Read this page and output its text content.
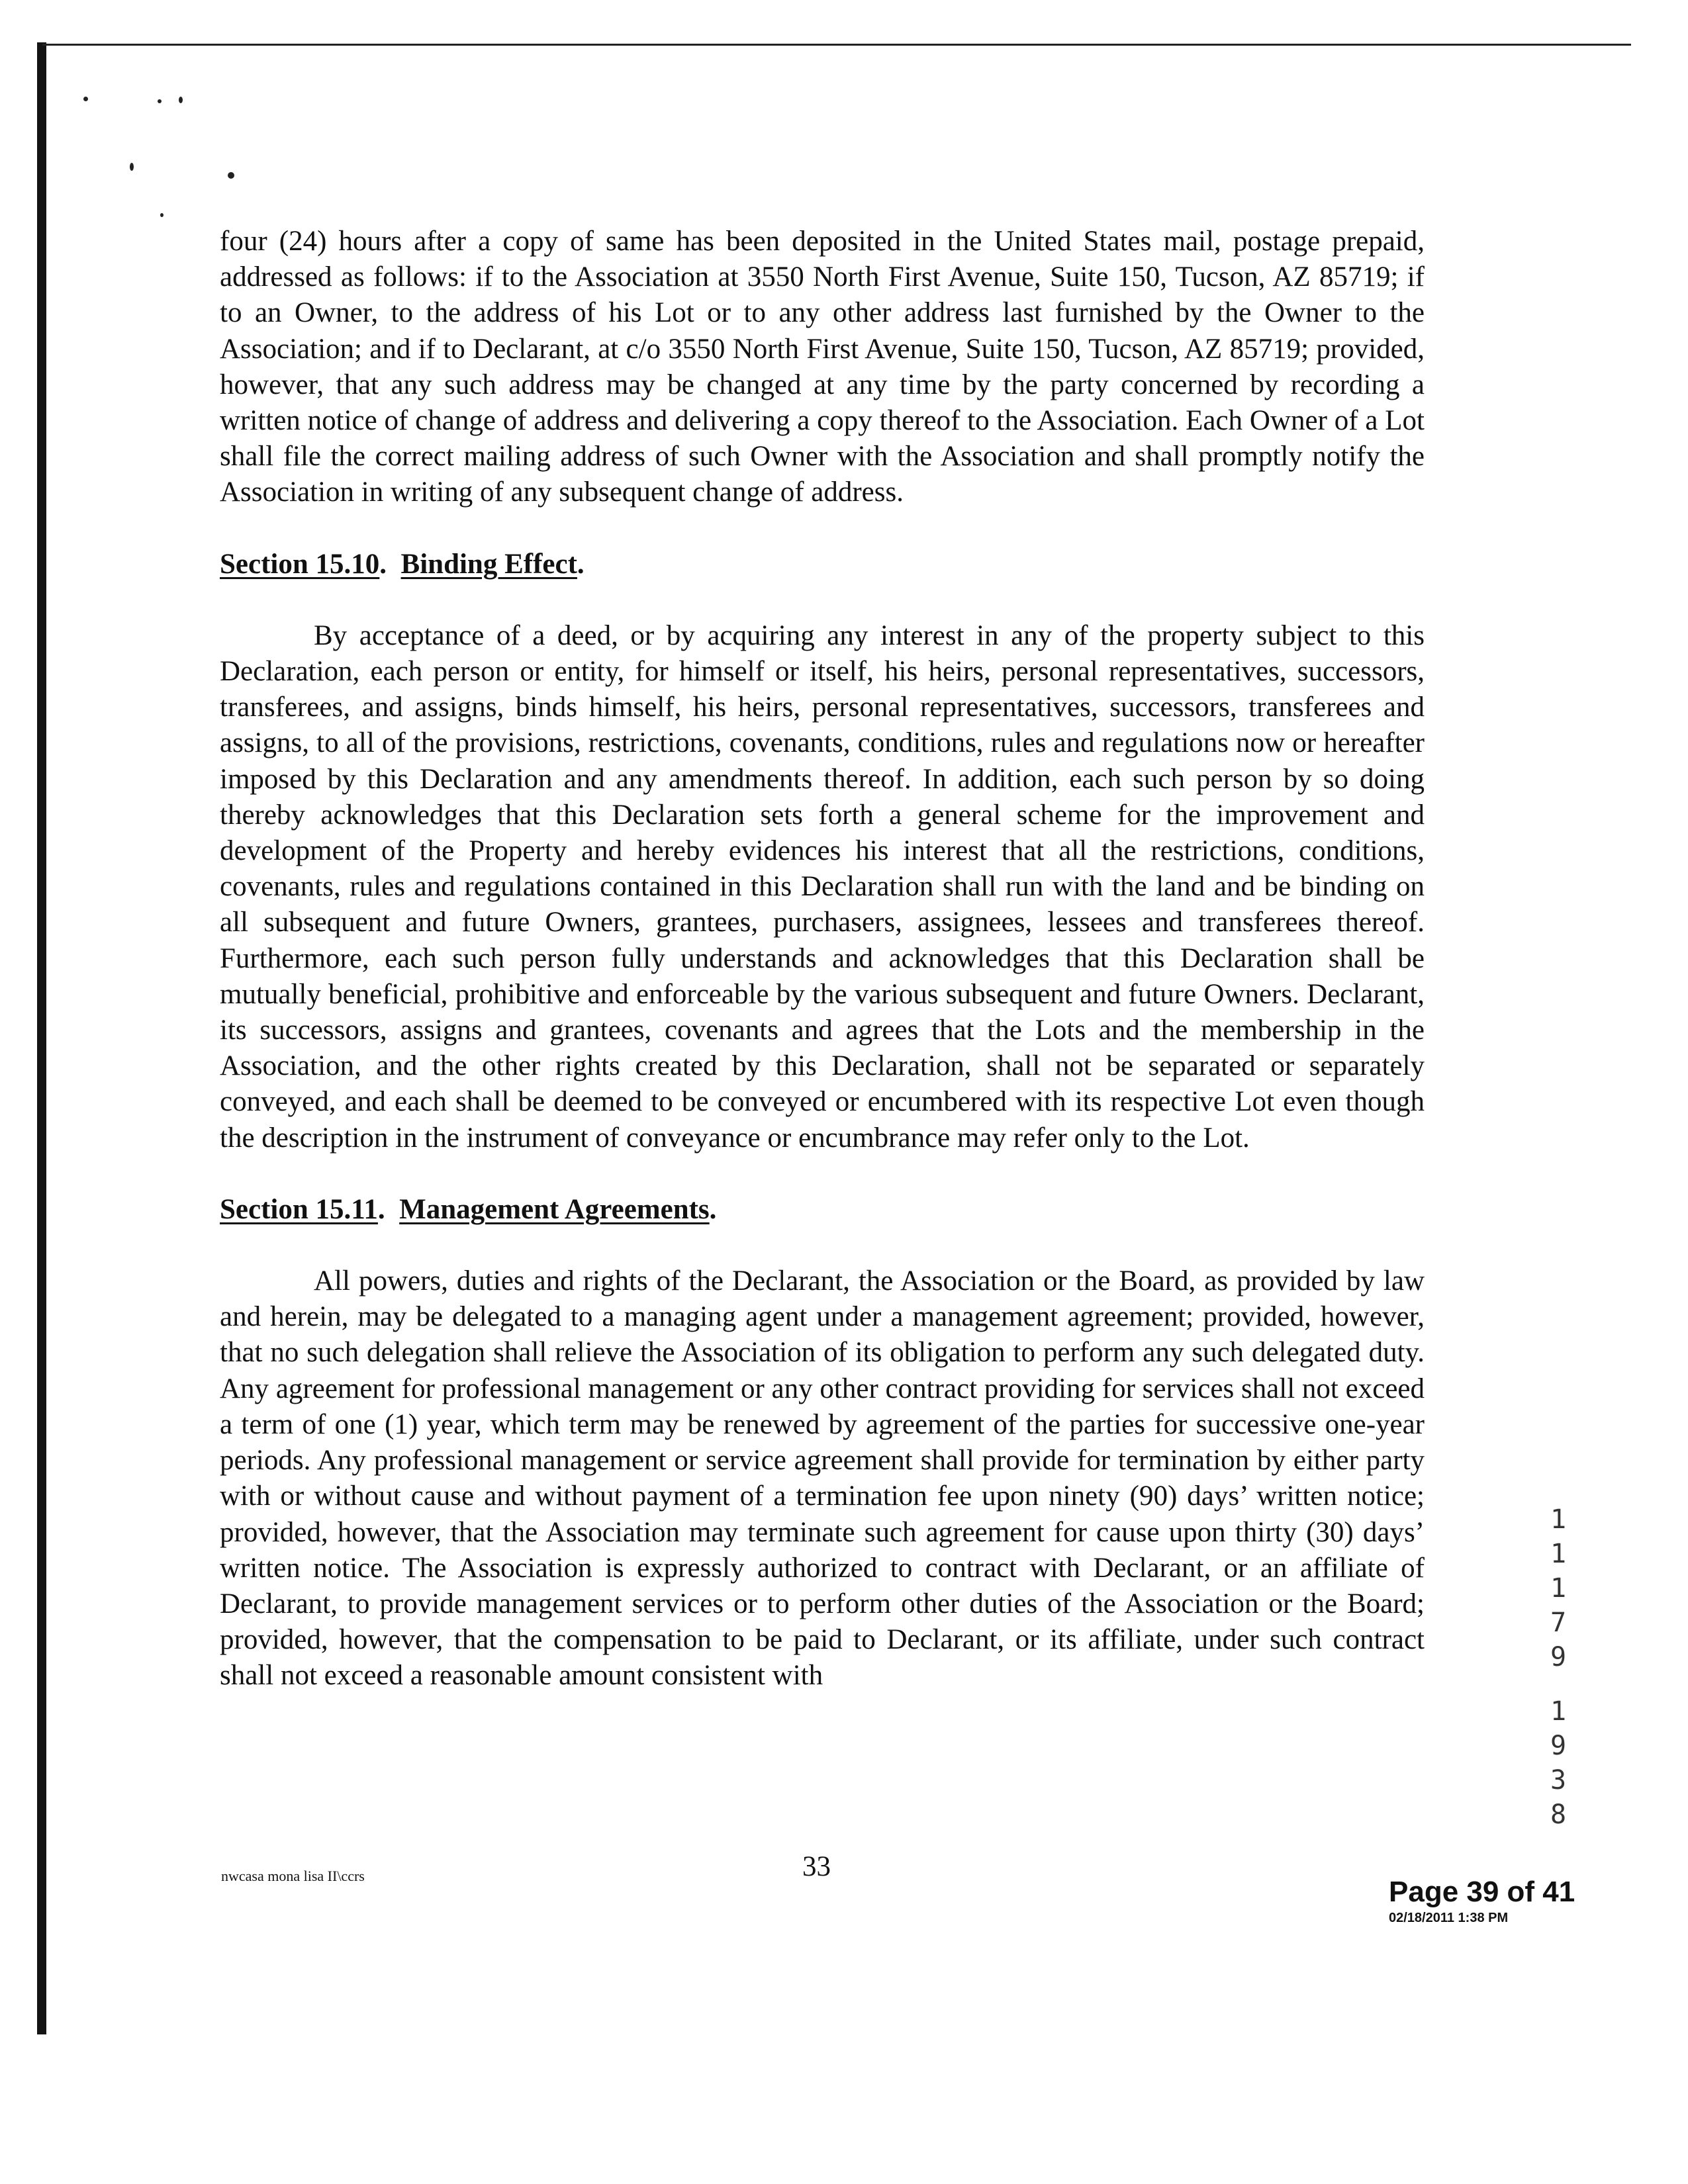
four (24) hours after a copy of same has been deposited in the United States mail, postage prepaid, addressed as follows: if to the Association at 3550 North First Avenue, Suite 150, Tucson, AZ 85719; if to an Owner, to the address of his Lot or to any other address last furnished by the Owner to the Association; and if to Declarant, at c/o 3550 North First Avenue, Suite 150, Tucson, AZ 85719; provided, however, that any such address may be changed at any time by the party concerned by recording a written notice of change of address and delivering a copy thereof to the Association. Each Owner of a Lot shall file the correct mailing address of such Owner with the Association and shall promptly notify the Association in writing of any subsequent change of address.

Section 15.10.  Binding Effect.

By acceptance of a deed, or by acquiring any interest in any of the property subject to this Declaration, each person or entity, for himself or itself, his heirs, personal representatives, successors, transferees, and assigns, binds himself, his heirs, personal representatives, successors, transferees and assigns, to all of the provisions, restrictions, covenants, conditions, rules and regulations now or hereafter imposed by this Declaration and any amendments thereof. In addition, each such person by so doing thereby acknowledges that this Declaration sets forth a general scheme for the improvement and development of the Property and hereby evidences his interest that all the restrictions, conditions, covenants, rules and regulations contained in this Declaration shall run with the land and be binding on all subsequent and future Owners, grantees, purchasers, assignees, lessees and transferees thereof. Furthermore, each such person fully understands and acknowledges that this Declaration shall be mutually beneficial, prohibitive and enforceable by the various subsequent and future Owners. Declarant, its successors, assigns and grantees, covenants and agrees that the Lots and the membership in the Association, and the other rights created by this Declaration, shall not be separated or separately conveyed, and each shall be deemed to be conveyed or encumbered with its respective Lot even though the description in the instrument of conveyance or encumbrance may refer only to the Lot.

Section 15.11.  Management Agreements.

All powers, duties and rights of the Declarant, the Association or the Board, as provided by law and herein, may be delegated to a managing agent under a management agreement; provided, however, that no such delegation shall relieve the Association of its obligation to perform any such delegated duty. Any agreement for professional management or any other contract providing for services shall not exceed a term of one (1) year, which term may be renewed by agreement of the parties for successive one-year periods. Any professional management or service agreement shall provide for termination by either party with or without cause and without payment of a termination fee upon ninety (90) days’ written notice; provided, however, that the Association may terminate such agreement for cause upon thirty (30) days’ written notice. The Association is expressly authorized to contract with Declarant, or an affiliate of Declarant, to provide management services or to perform other duties of the Association or the Board; provided, however, that the compensation to be paid to Declarant, or its affiliate, under such contract shall not exceed a reasonable amount consistent with

nwcasa mona lisa II\ccrs	33
Page 39 of 41
02/18/2011 1:38 PM
1
1
1
7
9
1
9
3
8
